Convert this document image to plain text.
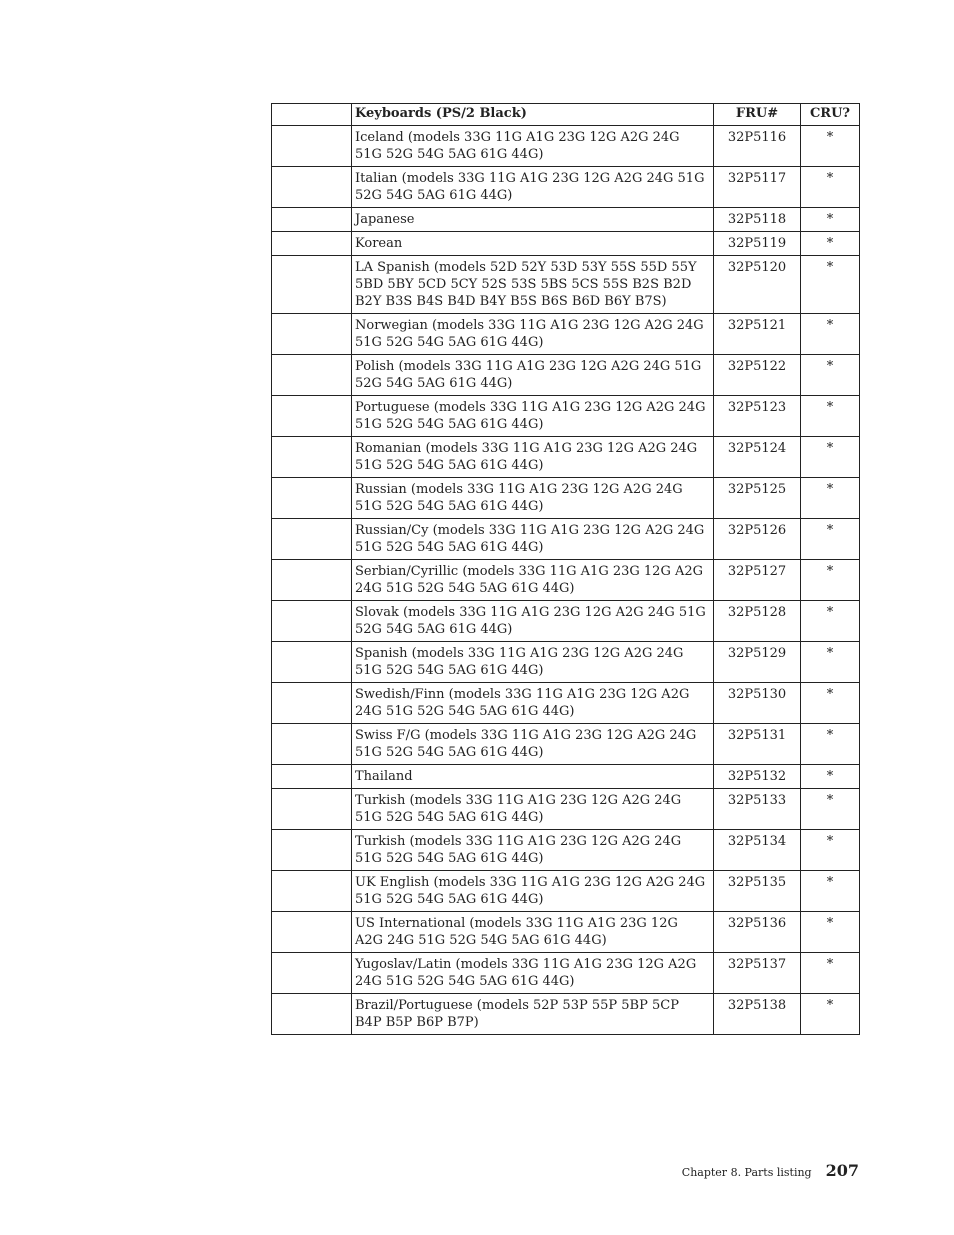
	Keyboards (PS/2 Black)	FRU#	CRU?
	Iceland (models 33G 11G A1G 23G 12G A2G 24G 51G 52G 54G 5AG 61G 44G)	32P5116	*
	Italian (models 33G 11G A1G 23G 12G A2G 24G 51G 52G 54G 5AG 61G 44G)	32P5117	*
	Japanese	32P5118	*
	Korean	32P5119	*
	LA Spanish (models 52D 52Y 53D 53Y 55S 55D 55Y 5BD 5BY 5CD 5CY 52S 53S 5BS 5CS 55S B2S B2D B2Y B3S B4S B4D B4Y B5S B6S B6D B6Y B7S)	32P5120	*
	Norwegian (models 33G 11G A1G 23G 12G A2G 24G 51G 52G 54G 5AG 61G 44G)	32P5121	*
	Polish (models 33G 11G A1G 23G 12G A2G 24G 51G 52G 54G 5AG 61G 44G)	32P5122	*
	Portuguese (models 33G 11G A1G 23G 12G A2G 24G 51G 52G 54G 5AG 61G 44G)	32P5123	*
	Romanian (models 33G 11G A1G 23G 12G A2G 24G 51G 52G 54G 5AG 61G 44G)	32P5124	*
	Russian (models 33G 11G A1G 23G 12G A2G 24G 51G 52G 54G 5AG 61G 44G)	32P5125	*
	Russian/Cy (models 33G 11G A1G 23G 12G A2G 24G 51G 52G 54G 5AG 61G 44G)	32P5126	*
	Serbian/Cyrillic (models 33G 11G A1G 23G 12G A2G 24G 51G 52G 54G 5AG 61G 44G)	32P5127	*
	Slovak (models 33G 11G A1G 23G 12G A2G 24G 51G 52G 54G 5AG 61G 44G)	32P5128	*
	Spanish (models 33G 11G A1G 23G 12G A2G 24G 51G 52G 54G 5AG 61G 44G)	32P5129	*
	Swedish/Finn (models 33G 11G A1G 23G 12G A2G 24G 51G 52G 54G 5AG 61G 44G)	32P5130	*
	Swiss F/G (models 33G 11G A1G 23G 12G A2G 24G 51G 52G 54G 5AG 61G 44G)	32P5131	*
	Thailand	32P5132	*
	Turkish (models 33G 11G A1G 23G 12G A2G 24G 51G 52G 54G 5AG 61G 44G)	32P5133	*
	Turkish (models 33G 11G A1G 23G 12G A2G 24G 51G 52G 54G 5AG 61G 44G)	32P5134	*
	UK English (models 33G 11G A1G 23G 12G A2G 24G 51G 52G 54G 5AG 61G 44G)	32P5135	*
	US International (models 33G 11G A1G 23G 12G A2G 24G 51G 52G 54G 5AG 61G 44G)	32P5136	*
	Yugoslav/Latin (models 33G 11G A1G 23G 12G A2G 24G 51G 52G 54G 5AG 61G 44G)	32P5137	*
	Brazil/Portuguese (models 52P 53P 55P 5BP 5CP B4P B5P B6P B7P)	32P5138	*
Chapter 8. Parts listing 207
